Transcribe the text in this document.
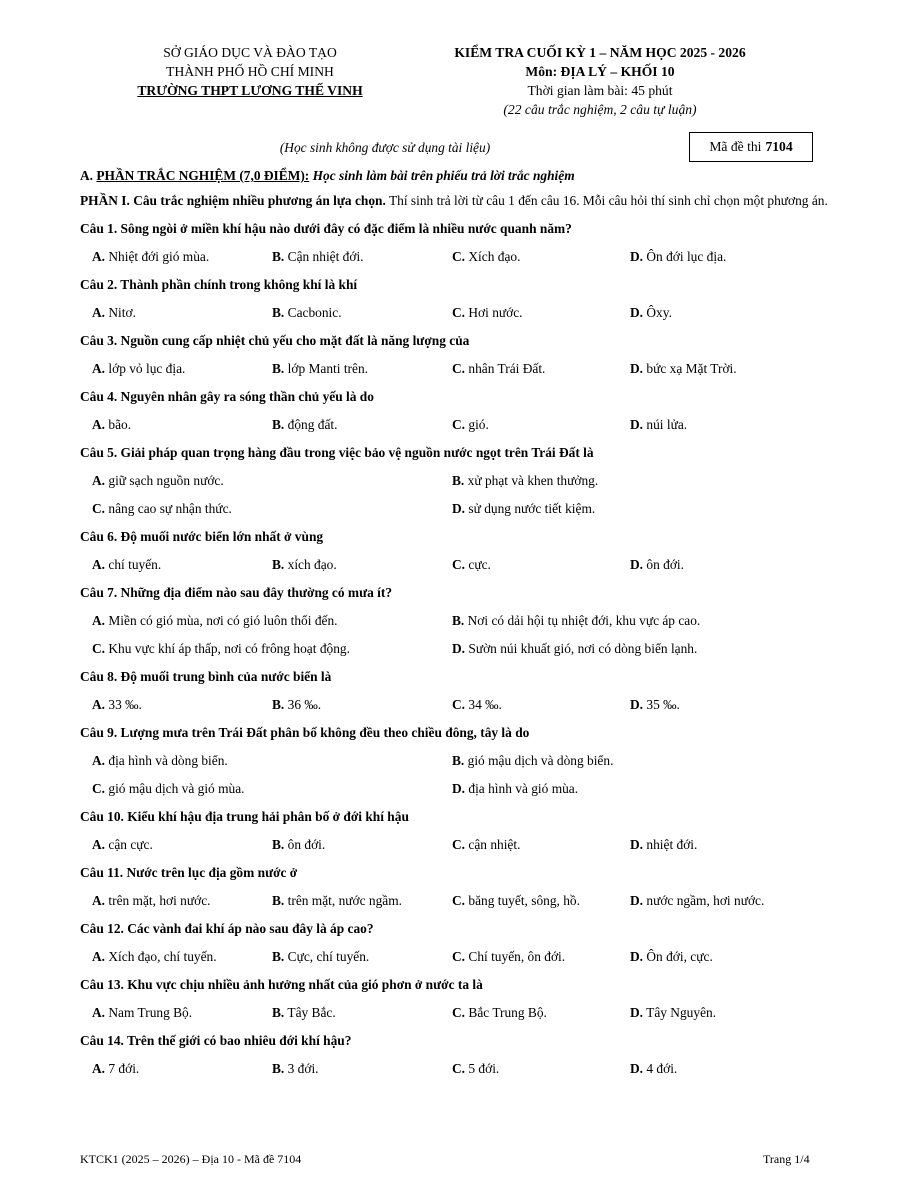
SỞ GIÁO DỤC VÀ ĐÀO TẠO
THÀNH PHỐ HỒ CHÍ MINH
TRƯỜNG THPT LƯƠNG THẾ VINH
KIỂM TRA CUỐI KỲ 1 – NĂM HỌC 2025 - 2026
Môn: ĐỊA LÝ – KHỐI 10
Thời gian làm bài: 45 phút
(22 câu trắc nghiệm, 2 câu tự luận)
(Học sinh không được sử dụng tài liệu)	Mã đề thi 7104
A. PHẦN TRẮC NGHIỆM (7,0 ĐIỂM): Học sinh làm bài trên phiếu trả lời trắc nghiệm
PHẦN I. Câu trắc nghiệm nhiều phương án lựa chọn. Thí sinh trả lời từ câu 1 đến câu 16. Mỗi câu hỏi thí sinh chỉ chọn một phương án.
Câu 1. Sông ngòi ở miền khí hậu nào dưới đây có đặc điểm là nhiều nước quanh năm?
A. Nhiệt đới gió mùa.	B. Cận nhiệt đới.	C. Xích đạo.	D. Ôn đới lục địa.
Câu 2. Thành phần chính trong không khí là khí
A. Nitơ.	B. Cacbonic.	C. Hơi nước.	D. Ôxy.
Câu 3. Nguồn cung cấp nhiệt chủ yếu cho mặt đất là năng lượng của
A. lớp vỏ lục địa.	B. lớp Manti trên.	C. nhân Trái Đất.	D. bức xạ Mặt Trời.
Câu 4. Nguyên nhân gây ra sóng thần chủ yếu là do
A. bão.	B. động đất.	C. gió.	D. núi lửa.
Câu 5. Giải pháp quan trọng hàng đầu trong việc bảo vệ nguồn nước ngọt trên Trái Đất là
A. giữ sạch nguồn nước.	B. xử phạt và khen thưởng.
C. nâng cao sự nhận thức.	D. sử dụng nước tiết kiệm.
Câu 6. Độ muối nước biển lớn nhất ở vùng
A. chí tuyến.	B. xích đạo.	C. cực.	D. ôn đới.
Câu 7. Những địa điểm nào sau đây thường có mưa ít?
A. Miền có gió mùa, nơi có gió luôn thổi đến.	B. Nơi có dải hội tụ nhiệt đới, khu vực áp cao.
C. Khu vực khí áp thấp, nơi có frông hoạt động.	D. Sườn núi khuất gió, nơi có dòng biển lạnh.
Câu 8. Độ muối trung bình của nước biển là
A. 33 ‰.	B. 36 ‰.	C. 34 ‰.	D. 35 ‰.
Câu 9. Lượng mưa trên Trái Đất phân bố không đều theo chiều đông, tây là do
A. địa hình và dòng biển.	B. gió mậu dịch và dòng biển.
C. gió mậu dịch và gió mùa.	D. địa hình và gió mùa.
Câu 10. Kiểu khí hậu địa trung hải phân bố ở đới khí hậu
A. cận cực.	B. ôn đới.	C. cận nhiệt.	D. nhiệt đới.
Câu 11. Nước trên lục địa gồm nước ở
A. trên mặt, hơi nước.	B. trên mặt, nước ngầm.	C. băng tuyết, sông, hồ.	D. nước ngầm, hơi nước.
Câu 12. Các vành đai khí áp nào sau đây là áp cao?
A. Xích đạo, chí tuyến.	B. Cực, chí tuyến.	C. Chí tuyến, ôn đới.	D. Ôn đới, cực.
Câu 13. Khu vực chịu nhiều ảnh hưởng nhất của gió phơn ở nước ta là
A. Nam Trung Bộ.	B. Tây Bắc.	C. Bắc Trung Bộ.	D. Tây Nguyên.
Câu 14. Trên thế giới có bao nhiêu đới khí hậu?
A. 7 đới.	B. 3 đới.	C. 5 đới.	D. 4 đới.
KTCK1 (2025 – 2026) – Địa 10 - Mã đề 7104	Trang 1/4
